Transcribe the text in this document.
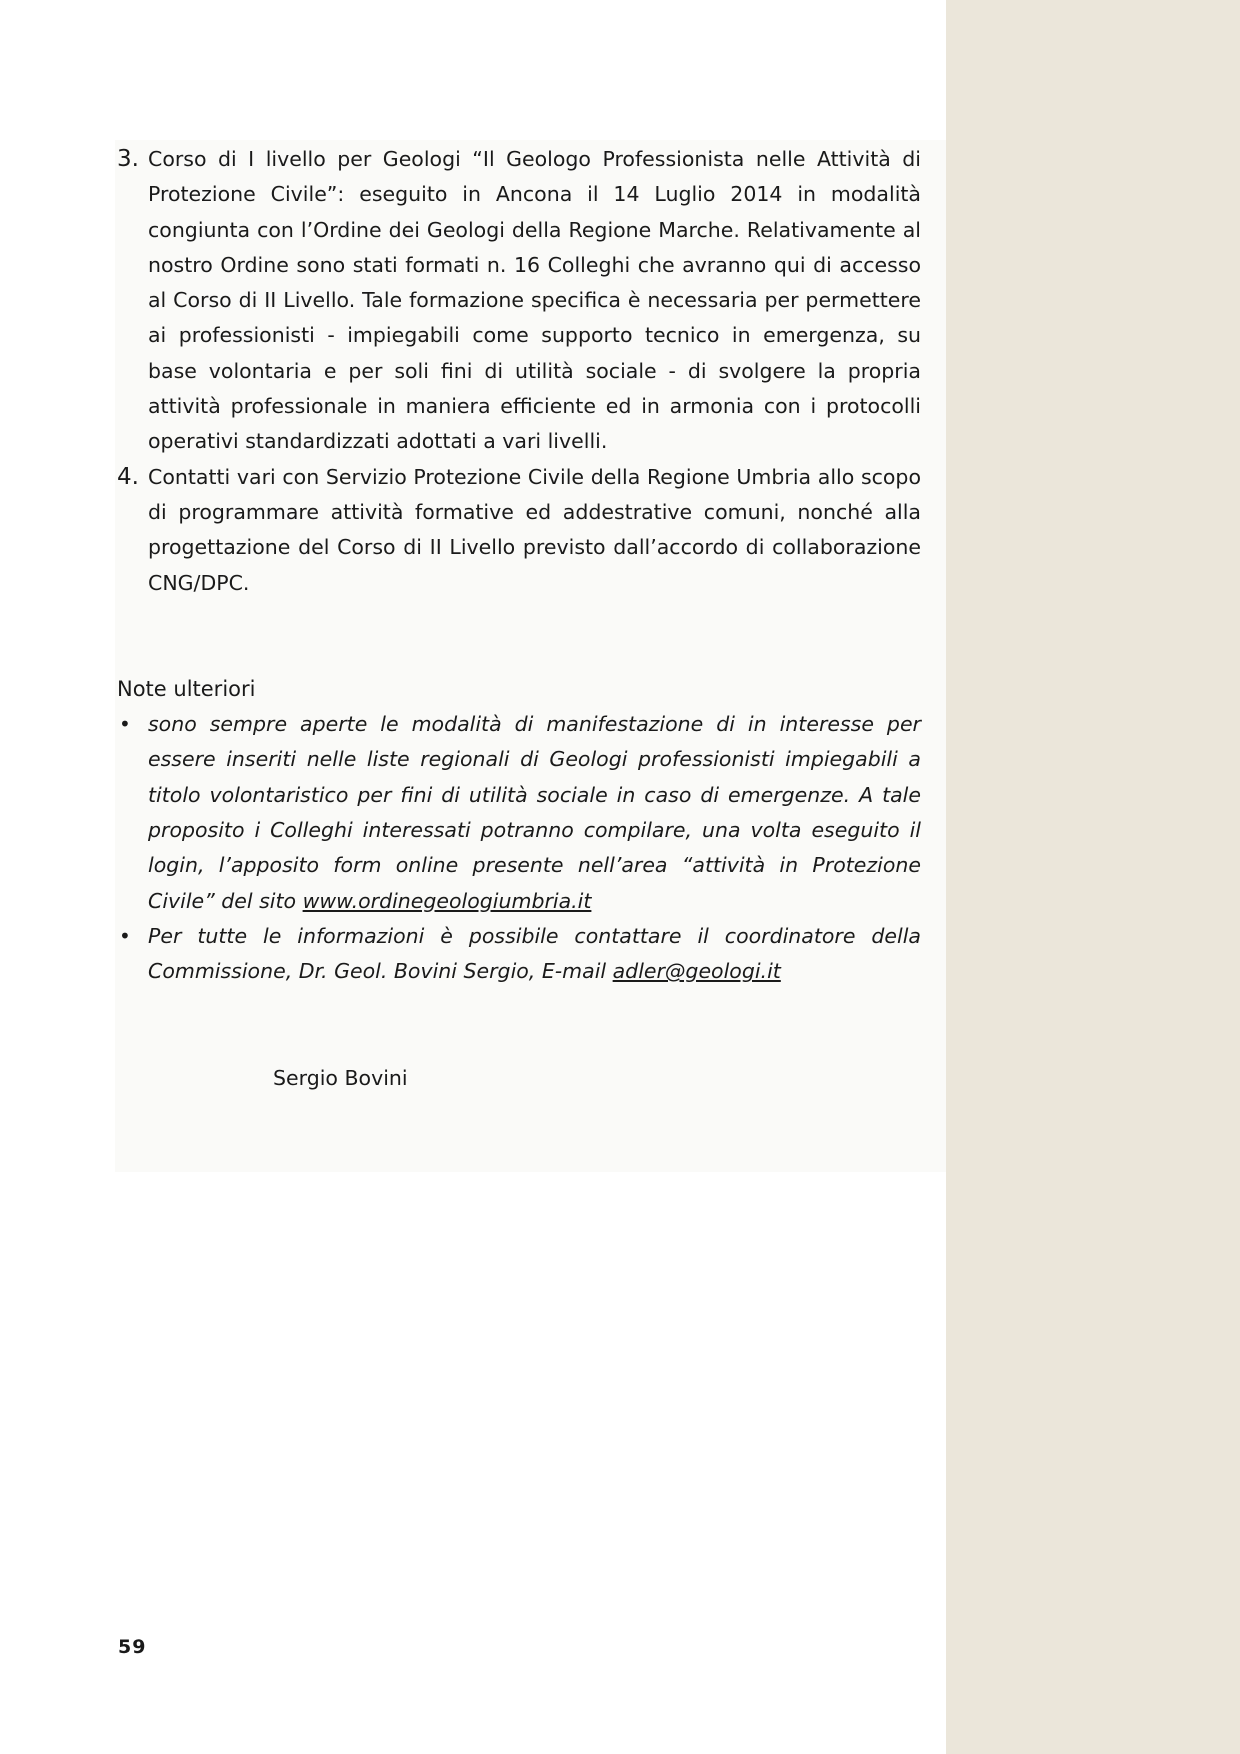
3. Corso di I livello per Geologi “Il Geologo Professionista nelle Attività di Protezione Civile”: eseguito in Ancona il 14 Luglio 2014 in modalità congiunta con l’Ordine dei Geologi della Regione Marche. Relativamente al nostro Ordine sono stati formati n. 16 Colleghi che avranno qui di accesso al Corso di II Livello. Tale formazione specifica è necessaria per permettere ai professionisti - impiegabili come supporto tecnico in emergenza, su base volontaria e per soli fini di utilità sociale - di svolgere la propria attività professionale in maniera efficiente ed in armonia con i protocolli operativi standardizzati adottati a vari livelli.
4. Contatti vari con Servizio Protezione Civile della Regione Umbria allo scopo di programmare attività formative ed addestrative comuni, nonché alla progettazione del Corso di II Livello previsto dall’accordo di collaborazione CNG/DPC.
Note ulteriori
• sono sempre aperte le modalità di manifestazione di in interesse per essere inseriti nelle liste regionali di Geologi professionisti impiegabili a titolo volontaristico per fini di utilità sociale in caso di emergenze. A tale proposito i Colleghi interessati potranno compilare, una volta eseguito il login, l’apposito form online presente nell’area “attività in Protezione Civile” del sito www.ordinegeologiumbria.it
• Per tutte le informazioni è possibile contattare il coordinatore della Commissione, Dr. Geol. Bovini Sergio, E-mail adler@geologi.it
Sergio Bovini
59
